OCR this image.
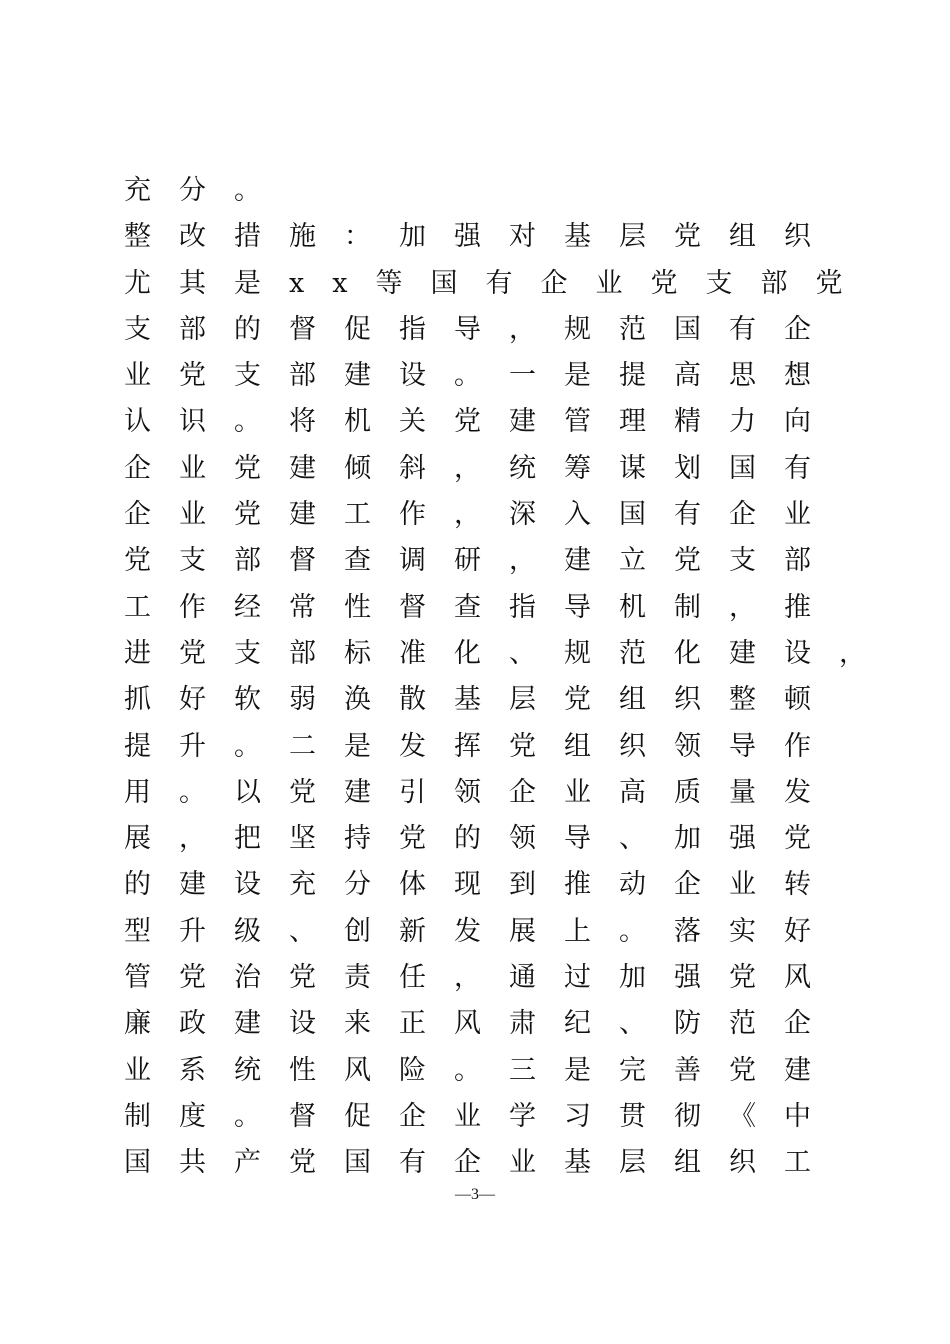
充分。
整改措施：加强对基层党组织
尤其是xx等国有企业党支部党
支部的督促指导，规范国有企
业党支部建设。一是提高思想
认识。将机关党建管理精力向
企业党建倾斜，统筹谋划国有
企业党建工作，深入国有企业
党支部督查调研，建立党支部
工作经常性督查指导机制，推
进党支部标准化、规范化建设，
抓好软弱涣散基层党组织整顿
提升。二是发挥党组织领导作
用。以党建引领企业高质量发
展，把坚持党的领导、加强党
的建设充分体现到推动企业转
型升级、创新发展上。落实好
管党治党责任，通过加强党风
廉政建设来正风肃纪、防范企
业系统性风险。三是完善党建
制度。督促企业学习贯彻《中
国共产党国有企业基层组织工
—3—
